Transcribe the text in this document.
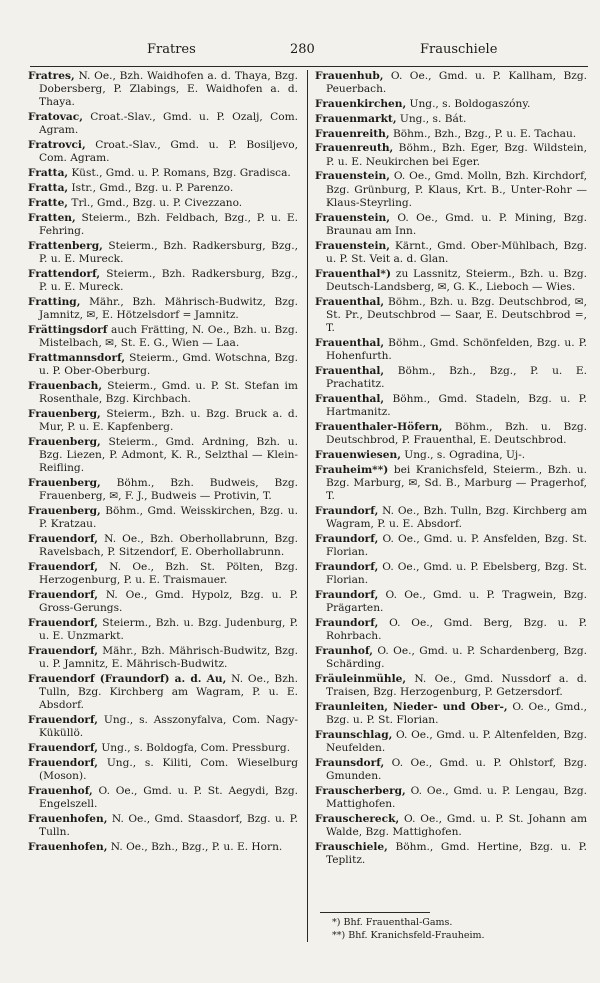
Fratres	280	Frauschiele
Fratres, N. Oe., Bzh. Waidhofen a. d. Thaya, Bzg. Dobersberg, P. Zlabings, E. Waidhofen a. d. Thaya.
Fratovac, Croat.-Slav., Gmd. u. P. Ozalj, Com. Agram.
Fratrovci, Croat.-Slav., Gmd. u. P. Bosiljevo, Com. Agram.
Fratta, Küst., Gmd. u. P. Romans, Bzg. Gradisca.
Fratta, Istr., Gmd., Bzg. u. P. Parenzo.
Fratte, Trl., Gmd., Bzg. u. P. Civezzano.
Fratten, Steierm., Bzh. Feldbach, Bzg., P. u. E. Fehring.
Frattenberg, Steierm., Bzh. Radkersburg, Bzg., P. u. E. Mureck.
Frattendorf, Steierm., Bzh. Radkersburg, Bzg., P. u. E. Mureck.
Fratting, Mähr., Bzh. Mährisch-Budwitz, Bzg. Jamnitz, ✉, E. Hötzelsdorf = Jamnitz.
Frättingsdorf auch Frätting, N. Oe., Bzh. u. Bzg. Mistelbach, ✉, St. E. G., Wien — Laa.
Frattmannsdorf, Steierm., Gmd. Wotschna, Bzg. u. P. Ober-Oberburg.
Frauenbach, Steierm., Gmd. u. P. St. Stefan im Rosenthale, Bzg. Kirchbach.
Frauenberg, Steierm., Bzh. u. Bzg. Bruck a. d. Mur, P. u. E. Kapfenberg.
Frauenberg, Steierm., Gmd. Ardning, Bzh. u. Bzg. Liezen, P. Admont, K. R., Selzthal — Klein-Reifling.
Frauenberg, Böhm., Bzh. Budweis, Bzg. Frauenberg, ✉, F. J., Budweis — Protivin, T.
Frauenberg, Böhm., Gmd. Weisskirchen, Bzg. u. P. Kratzau.
Frauendorf, N. Oe., Bzh. Oberhollabrunn, Bzg. Ravelsbach, P. Sitzendorf, E. Oberhollabrunn.
Frauendorf, N. Oe., Bzh. St. Pölten, Bzg. Herzogenburg, P. u. E. Traismauer.
Frauendorf, N. Oe., Gmd. Hypolz, Bzg. u. P. Gross-Gerungs.
Frauendorf, Steierm., Bzh. u. Bzg. Judenburg, P. u. E. Unzmarkt.
Frauendorf, Mähr., Bzh. Mährisch-Budwitz, Bzg. u. P. Jamnitz, E. Mährisch-Budwitz.
Frauendorf (Fraundorf) a. d. Au, N. Oe., Bzh. Tulln, Bzg. Kirchberg am Wagram, P. u. E. Absdorf.
Frauendorf, Ung., s. Asszonyfalva, Com. Nagy-Küküllö.
Frauendorf, Ung., s. Boldogfa, Com. Pressburg.
Frauendorf, Ung., s. Kiliti, Com. Wieselburg (Moson).
Frauenhof, O. Oe., Gmd. u. P. St. Aegydi, Bzg. Engelszell.
Frauenhofen, N. Oe., Gmd. Staasdorf, Bzg. u. P. Tulln.
Frauenhofen, N. Oe., Bzh., Bzg., P. u. E. Horn.
Frauenhub, O. Oe., Gmd. u. P. Kallham, Bzg. Peuerbach.
Frauenkirchen, Ung., s. Boldogaszóny.
Frauenmarkt, Ung., s. Bát.
Frauenreith, Böhm., Bzh., Bzg., P. u. E. Tachau.
Frauenreuth, Böhm., Bzh. Eger, Bzg. Wildstein, P. u. E. Neukirchen bei Eger.
Frauenstein, O. Oe., Gmd. Molln, Bzh. Kirchdorf, Bzg. Grünburg, P. Klaus, Krt. B., Unter-Rohr — Klaus-Steyrling.
Frauenstein, O. Oe., Gmd. u. P. Mining, Bzg. Braunau am Inn.
Frauenstein, Kärnt., Gmd. Ober-Mühlbach, Bzg. u. P. St. Veit a. d. Glan.
Frauenthal*) zu Lassnitz, Steierm., Bzh. u. Bzg. Deutsch-Landsberg, ✉, G. K., Lieboch — Wies.
Frauenthal, Böhm., Bzh. u. Bzg. Deutschbrod, ✉, St. Pr., Deutschbrod — Saar, E. Deutschbrod =, T.
Frauenthal, Böhm., Gmd. Schönfelden, Bzg. u. P. Hohenfurth.
Frauenthal, Böhm., Bzh., Bzg., P. u. E. Prachatitz.
Frauenthal, Böhm., Gmd. Stadeln, Bzg. u. P. Hartmanitz.
Frauenthaler-Höfern, Böhm., Bzh. u. Bzg. Deutschbrod, P. Frauenthal, E. Deutschbrod.
Frauenwiesen, Ung., s. Ogradina, Uj-.
Frauheim**) bei Kranichsfeld, Steierm., Bzh. u. Bzg. Marburg, ✉, Sd. B., Marburg — Pragerhof, T.
Fraundorf, N. Oe., Bzh. Tulln, Bzg. Kirchberg am Wagram, P. u. E. Absdorf.
Fraundorf, O. Oe., Gmd. u. P. Ansfelden, Bzg. St. Florian.
Fraundorf, O. Oe., Gmd. u. P. Ebelsberg, Bzg. St. Florian.
Fraundorf, O. Oe., Gmd. u. P. Tragwein, Bzg. Prägarten.
Fraundorf, O. Oe., Gmd. Berg, Bzg. u. P. Rohrbach.
Fraunhof, O. Oe., Gmd. u. P. Schardenberg, Bzg. Schärding.
Fräuleinmühle, N. Oe., Gmd. Nussdorf a. d. Traisen, Bzg. Herzogenburg, P. Getzersdorf.
Fraunleiten, Nieder- und Ober-, O. Oe., Gmd., Bzg. u. P. St. Florian.
Fraunschlag, O. Oe., Gmd. u. P. Altenfelden, Bzg. Neufelden.
Fraunsdorf, O. Oe., Gmd. u. P. Ohlstorf, Bzg. Gmunden.
Frauscherberg, O. Oe., Gmd. u. P. Lengau, Bzg. Mattighofen.
Frauschereck, O. Oe., Gmd. u. P. St. Johann am Walde, Bzg. Mattighofen.
Frauschiele, Böhm., Gmd. Hertine, Bzg. u. P. Teplitz.
*) Bhf. Frauenthal-Gams.
**) Bhf. Kranichsfeld-Frauheim.
